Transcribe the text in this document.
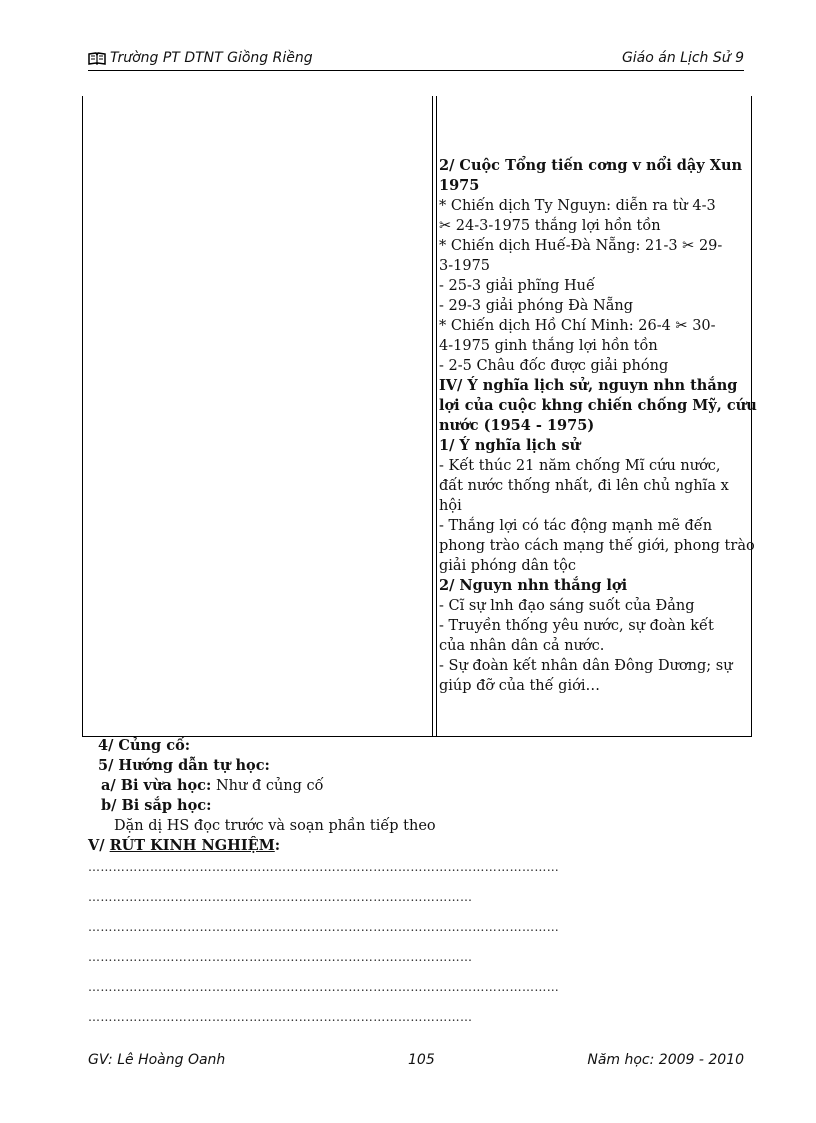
Trường PT DTNT Giồng Riềng	Giáo án Lịch Sử 9
2/ Cuộc Tổng tiến cơng v nổi dậy Xun
1975
* Chiến dịch Ty Nguyn: diễn ra từ 4-3
✂ 24-3-1975 thắng lợi hồn tồn
* Chiến dịch Huế-Đà Nẵng: 21-3 ✂ 29-
3-1975
- 25-3 giải phĩng Huế
- 29-3 giải phóng Đà Nẵng
* Chiến dịch Hồ Chí Minh: 26-4 ✂ 30-
4-1975 ginh thắng lợi hồn tồn
- 2-5 Châu đốc được giải phóng
IV/ Ý nghĩa lịch sử, nguyn nhn thắng
lợi của cuộc khng chiến chống Mỹ, cứu
nước (1954 - 1975)
1/ Ý nghĩa lịch sử
- Kết thúc 21 năm chống Mĩ cứu nước,
đất nước thống nhất, đi lên chủ nghĩa x
hội
- Thắng lợi có tác động mạnh mẽ đến
phong trào cách mạng thế giới, phong trào
giải phóng dân tộc
2/ Nguyn nhn thắng lợi
- Cĩ sự lnh đạo sáng suốt của Đảng
- Truyền thống yêu nước, sự đoàn kết
của nhân dân cả nước.
- Sự đoàn kết nhân dân Đông Dương; sự
giúp đỡ của thế giới…
4/ Củng cố:
5/ Hướng dẫn tự học:
a/ Bi vừa học: Như đ củng cố
b/ Bi sắp học:
Dặn dị HS đọc trước và soạn phần tiếp theo
V/ RÚT KINH NGHIỆM:
……………………………………………………………………………………………………
…………………………………………………………………………………
……………………………………………………………………………………………………
…………………………………………………………………………………
……………………………………………………………………………………………………
…………………………………………………………………………………
GV: Lê Hoàng Oanh	105	Năm học: 2009 - 2010
